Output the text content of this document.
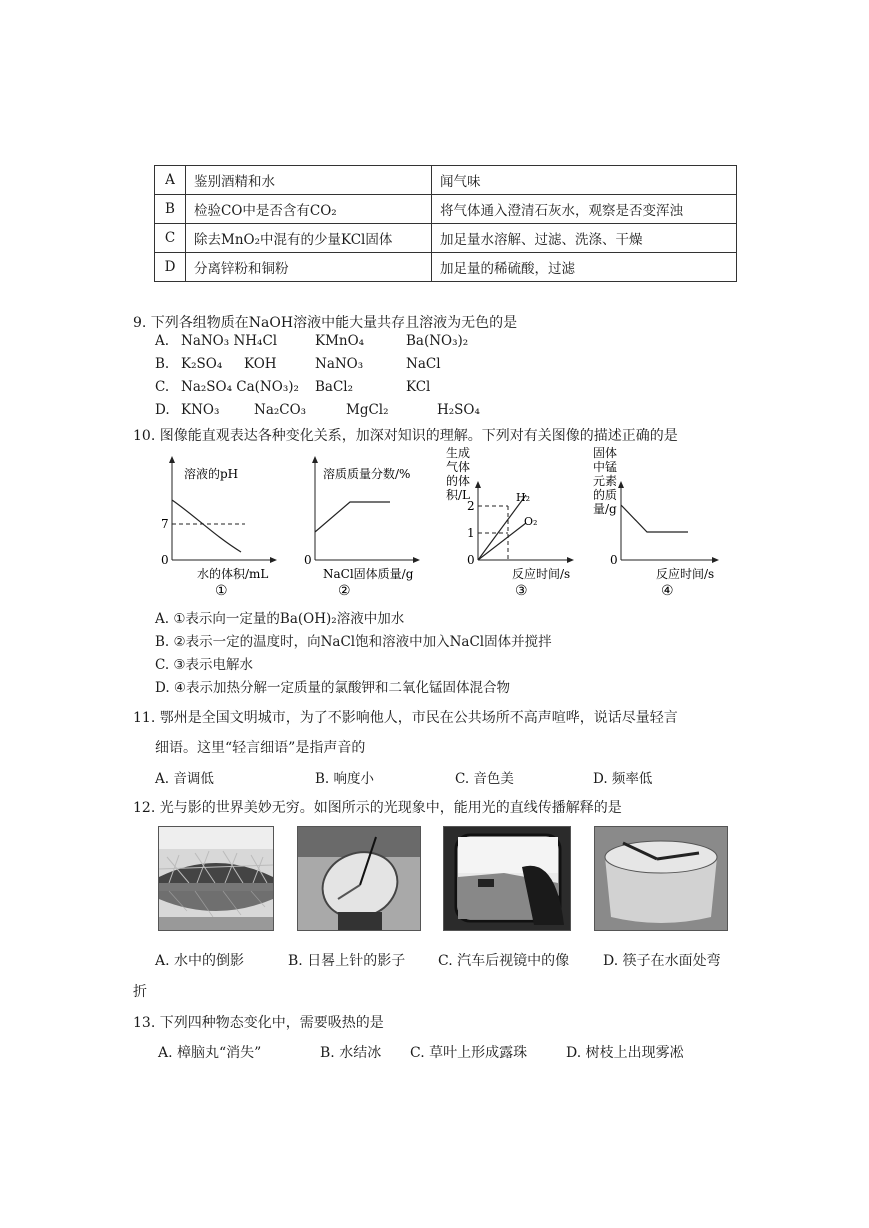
A	鉴别酒精和水	闻气味
B	检验CO中是否含有CO₂	将气体通入澄清石灰水，观察是否变浑浊
C	除去MnO₂中混有的少量KCl固体	加足量水溶解、过滤、洗涤、干燥
D	分离锌粉和铜粉	加足量的稀硫酸，过滤
9. 下列各组物质在NaOH溶液中能大量共存且溶液为无色的是
A. NaNO₃ NH₄Cl	KMnO₄	Ba(NO₃)₂
B. K₂SO₄ KOH	NaNO₃	NaCl
C. Na₂SO₄ Ca(NO₃)₂ BaCl₂	KCl
D. KNO₃	Na₂CO₃	MgCl₂	H₂SO₄
10. 图像能直观表达各种变化关系，加深对知识的理解。下列对有关图像的描述正确的是
溶液的pH
7
0
水的体积/mL
①
溶质质量分数/%
0
NaCl固体质量/g
②
生成
气体
的体
积/L	H₂
O₂
2
1
0
反应时间/s
③
固体
中锰
元素
的质
量/g
0
反应时间/s
④
A. ①表示向一定量的Ba(OH)₂溶液中加水
B. ②表示一定的温度时，向NaCl饱和溶液中加入NaCl固体并搅拌
C. ③表示电解水
D. ④表示加热分解一定质量的氯酸钾和二氧化锰固体混合物
11. 鄂州是全国文明城市，为了不影响他人，市民在公共场所不高声喧哗，说话尽量轻言
细语。这里“轻言细语”是指声音的
A. 音调低	B. 响度小	C. 音色美	D. 频率低
12. 光与影的世界美妙无穷。如图所示的光现象中，能用光的直线传播解释的是
A. 水中的倒影	B. 日晷上针的影子 C. 汽车后视镜中的像 D. 筷子在水面处弯
折
13. 下列四种物态变化中，需要吸热的是
A. 樟脑丸“消失”	B. 水结冰 C. 草叶上形成露珠	D. 树枝上出现雾凇
